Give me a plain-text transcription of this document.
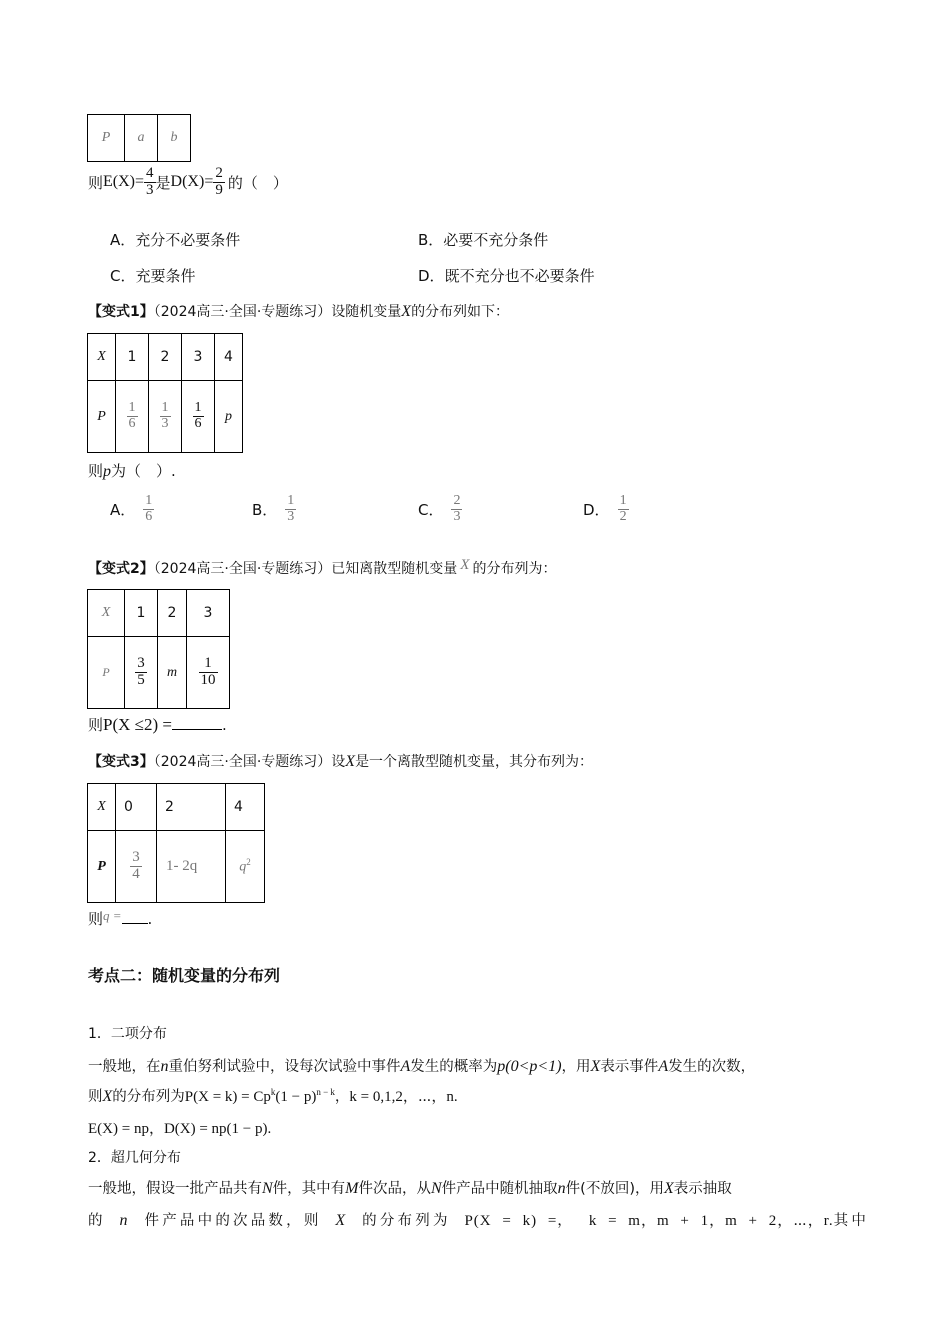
P	a	b
则 $E(X)= \frac{4}{3}$ 是 $D(X)= \frac{2}{9}$ 的（　）
A．充分不必要条件	B．必要不充分条件
C．充要条件	D．既不充分也不必要条件
【变式1】（2024高三·全国·专题练习）设随机变量X的分布列如下：
X	1	2	3	4
P	$\frac{1}{6}$	$\frac{1}{3}$	$\frac{1}{6}$	p
则p为（　）.
A． $\frac{1}{6}$	B． $\frac{1}{3}$	C． $\frac{2}{3}$	D． $\frac{1}{2}$
【变式2】（2024高三·全国·专题练习）已知离散型随机变量 X 的分布列为：
X	1	2	3
P	$\frac{3}{5}$	m	$\frac{1}{10}$
则P(X ≤2) =	.
【变式3】（2024高三·全国·专题练习）设X是一个离散型随机变量，其分布列为：
X	0	2	4
P	$\frac{3}{4}$	1- 2q	$q^2$
则q = .
考点二：随机变量的分布列
1．二项分布
一般地，在n重伯努利试验中，设每次试验中事件A发生的概率为p(0<p<1)，用X表示事件A发生的次数，
则X的分布列为$P(X = k) = Cp^k(1 - p)^{n - k}$，k = 0,1,2，⋯，n.
E(X) = np，D(X) = np(1 − p).
2．超几何分布
一般地，假设一批产品共有N件，其中有M件次品，从N件产品中随机抽取n件(不放回)，用X表示抽取
的 n 件产品中的次品数，则 X 的分布列为 P(X = k) =， k = m，m + 1，m + 2，⋯，r.其中
